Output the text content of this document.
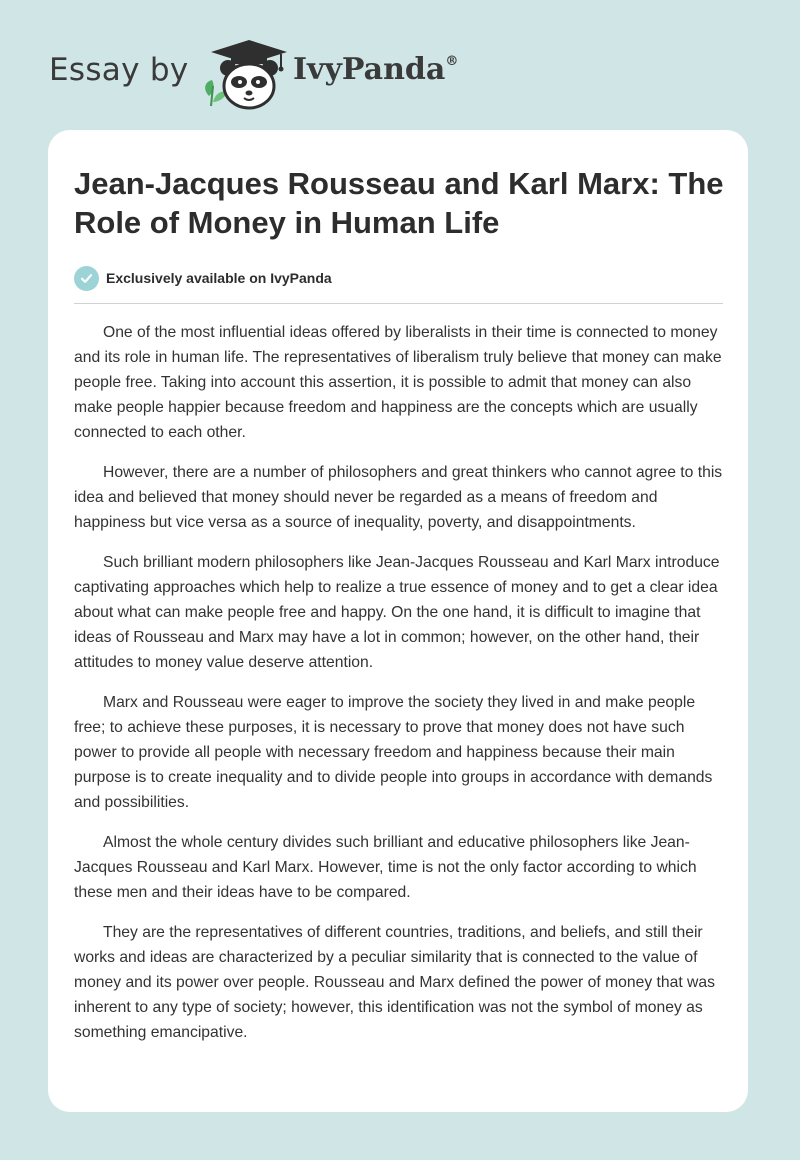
Essay by	IvyPanda®
Jean-Jacques Rousseau and Karl Marx: The Role of Money in Human Life
Exclusively available on IvyPanda

One of the most influential ideas offered by liberalists in their time is connected to money and its role in human life. The representatives of liberalism truly believe that money can make people free. Taking into account this assertion, it is possible to admit that money can also make people happier because freedom and happiness are the concepts which are usually connected to each other.

However, there are a number of philosophers and great thinkers who cannot agree to this idea and believed that money should never be regarded as a means of freedom and happiness but vice versa as a source of inequality, poverty, and disappointments.

Such brilliant modern philosophers like Jean-Jacques Rousseau and Karl Marx introduce captivating approaches which help to realize a true essence of money and to get a clear idea about what can make people free and happy. On the one hand, it is difficult to imagine that ideas of Rousseau and Marx may have a lot in common; however, on the other hand, their attitudes to money value deserve attention.

Marx and Rousseau were eager to improve the society they lived in and make people free; to achieve these purposes, it is necessary to prove that money does not have such power to provide all people with necessary freedom and happiness because their main purpose is to create inequality and to divide people into groups in accordance with demands and possibilities.

Almost the whole century divides such brilliant and educative philosophers like Jean-Jacques Rousseau and Karl Marx. However, time is not the only factor according to which these men and their ideas have to be compared.

They are the representatives of different countries, traditions, and beliefs, and still their works and ideas are characterized by a peculiar similarity that is connected to the value of money and its power over people. Rousseau and Marx defined the power of money that was inherent to any type of society; however, this identification was not the symbol of money as something emancipative.
